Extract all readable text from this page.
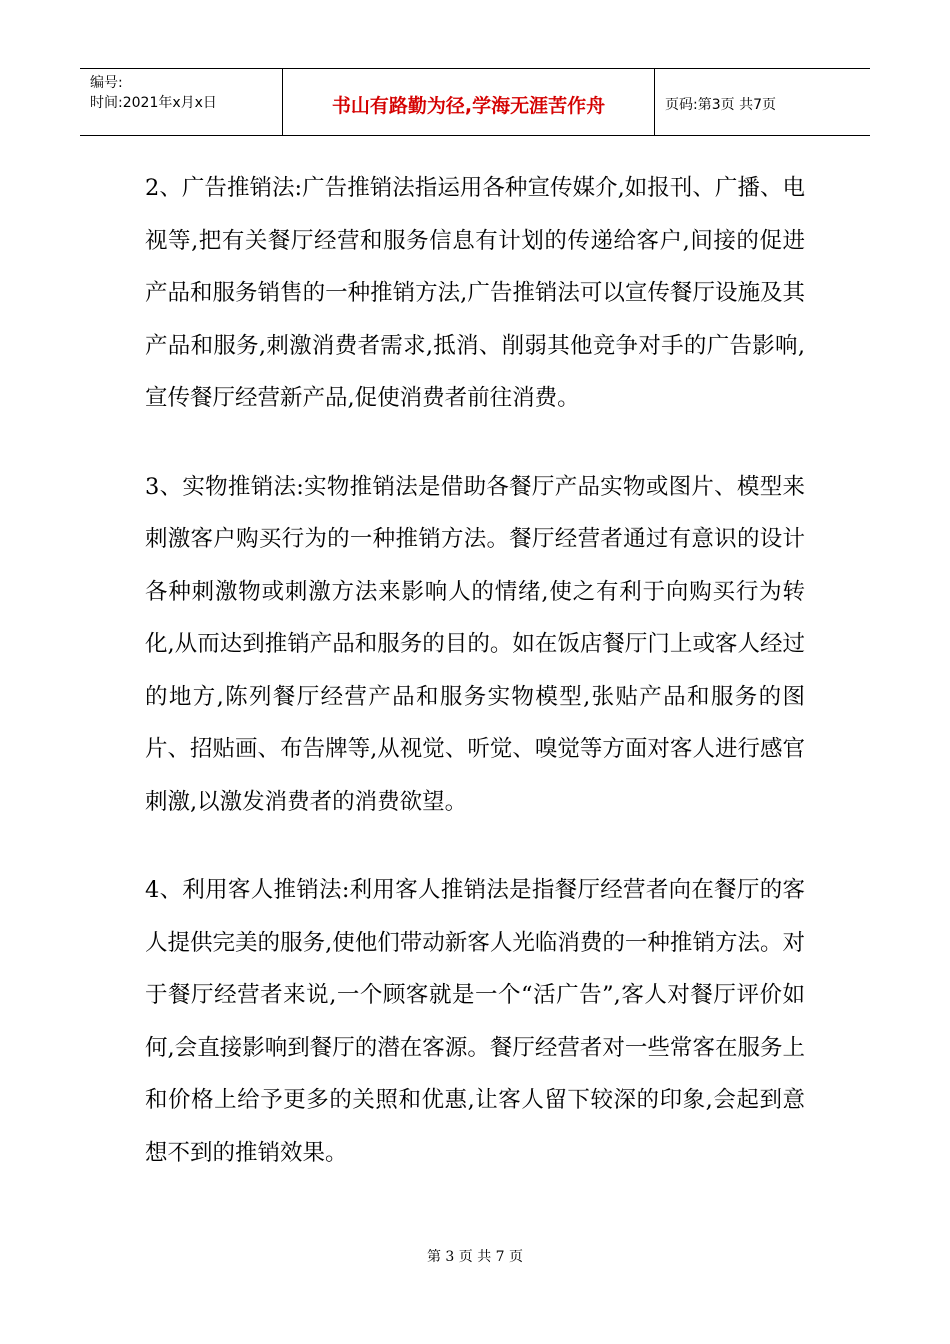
编号:
时间:2021年x月x日	书山有路勤为径,学海无涯苦作舟	页码:第3页 共7页

2、广告推销法:广告推销法指运用各种宣传媒介,如报刊、广播、电视等,把有关餐厅经营和服务信息有计划的传递给客户,间接的促进产品和服务销售的一种推销方法,广告推销法可以宣传餐厅设施及其产品和服务,刺激消费者需求,抵消、削弱其他竞争对手的广告影响,宣传餐厅经营新产品,促使消费者前往消费。

3、实物推销法:实物推销法是借助各餐厅产品实物或图片、模型来刺激客户购买行为的一种推销方法。餐厅经营者通过有意识的设计各种刺激物或刺激方法来影响人的情绪,使之有利于向购买行为转化,从而达到推销产品和服务的目的。如在饭店餐厅门上或客人经过的地方,陈列餐厅经营产品和服务实物模型,张贴产品和服务的图片、招贴画、布告牌等,从视觉、听觉、嗅觉等方面对客人进行感官刺激,以激发消费者的消费欲望。

4、利用客人推销法:利用客人推销法是指餐厅经营者向在餐厅的客人提供完美的服务,使他们带动新客人光临消费的一种推销方法。对于餐厅经营者来说,一个顾客就是一个“活广告”,客人对餐厅评价如何,会直接影响到餐厅的潜在客源。餐厅经营者对一些常客在服务上和价格上给予更多的关照和优惠,让客人留下较深的印象,会起到意想不到的推销效果。

第 3 页 共 7 页
